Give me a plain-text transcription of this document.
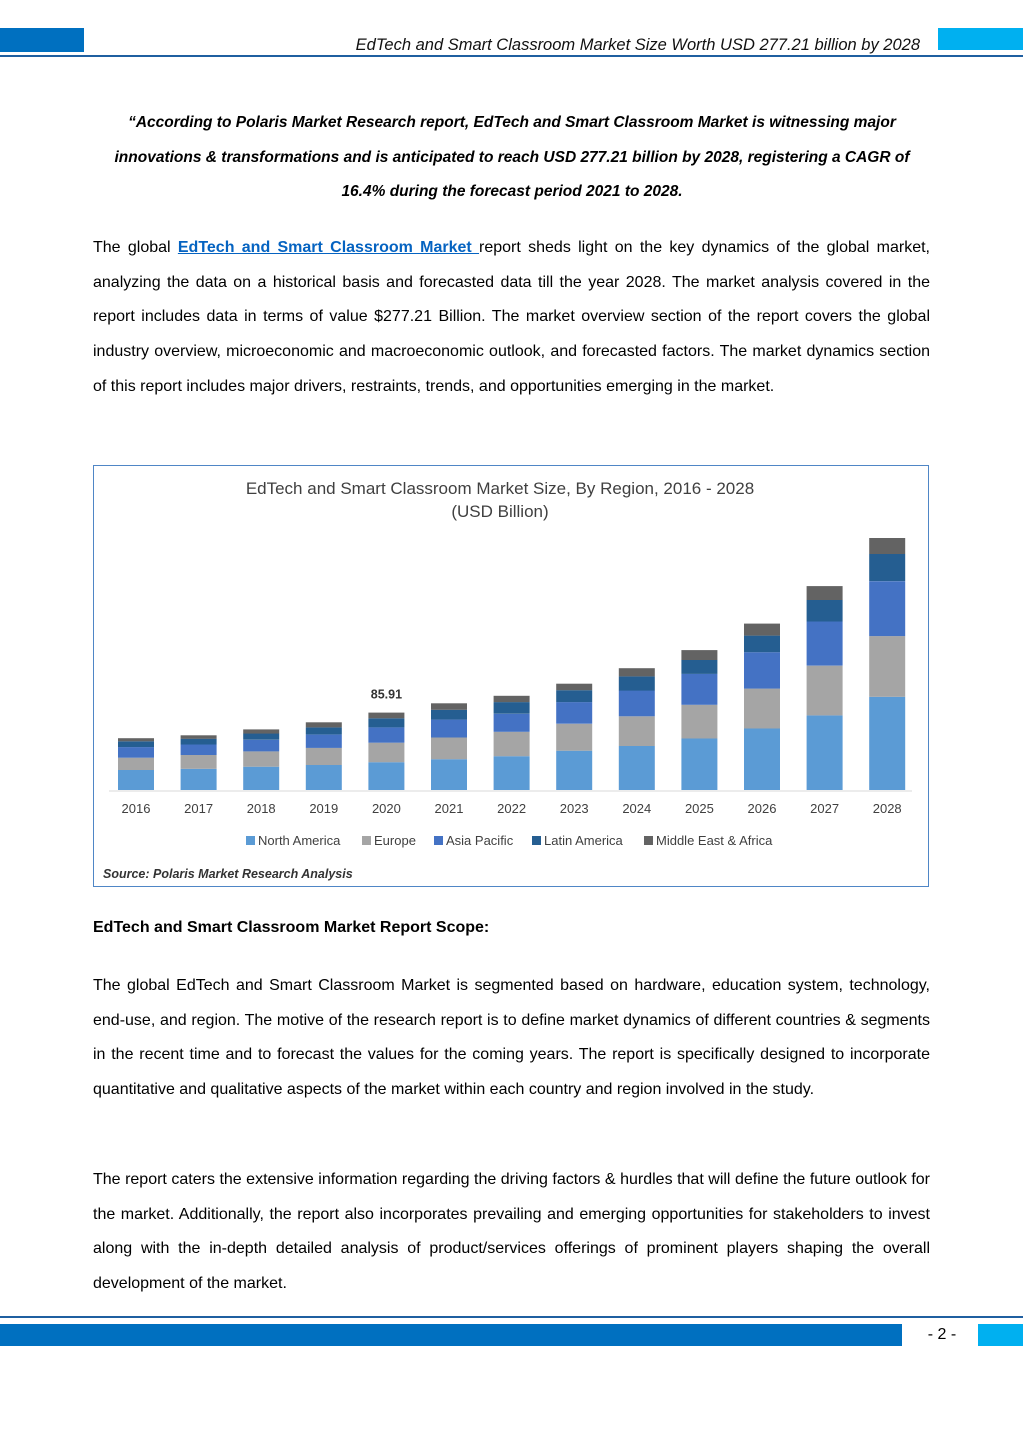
EdTech and Smart Classroom Market Size Worth USD 277.21 billion by 2028
“According to Polaris Market Research report, EdTech and Smart Classroom Market is witnessing major innovations & transformations and is anticipated to reach USD 277.21 billion by 2028, registering a CAGR of 16.4% during the forecast period 2021 to 2028.

The global EdTech and Smart Classroom Market report sheds light on the key dynamics of the global market, analyzing the data on a historical basis and forecasted data till the year 2028. The market analysis covered in the report includes data in terms of value $277.21 Billion. The market overview section of the report covers the global industry overview, microeconomic and macroeconomic outlook, and forecasted factors. The market dynamics section of this report includes major drivers, restraints, trends, and opportunities emerging in the market.

EdTech and Smart Classroom Market Size, By Region, 2016 - 2028
(USD Billion)
85.91
2016	2017	2018	2019	2020	2021	2022	2023	2024	2025	2026	2027	2028
North America	Europe Asia Pacific Latin America	Middle East & Africa
Source: Polaris Market Research Analysis
EdTech and Smart Classroom Market Report Scope:

The global EdTech and Smart Classroom Market is segmented based on hardware, education system, technology, end-use, and region. The motive of the research report is to define market dynamics of different countries & segments in the recent time and to forecast the values for the coming years. The report is specifically designed to incorporate quantitative and qualitative aspects of the market within each country and region involved in the study.

The report caters the extensive information regarding the driving factors & hurdles that will define the future outlook for the market. Additionally, the report also incorporates prevailing and emerging opportunities for stakeholders to invest along with the in-depth detailed analysis of product/services offerings of prominent players shaping the overall development of the market.

- 2 -
